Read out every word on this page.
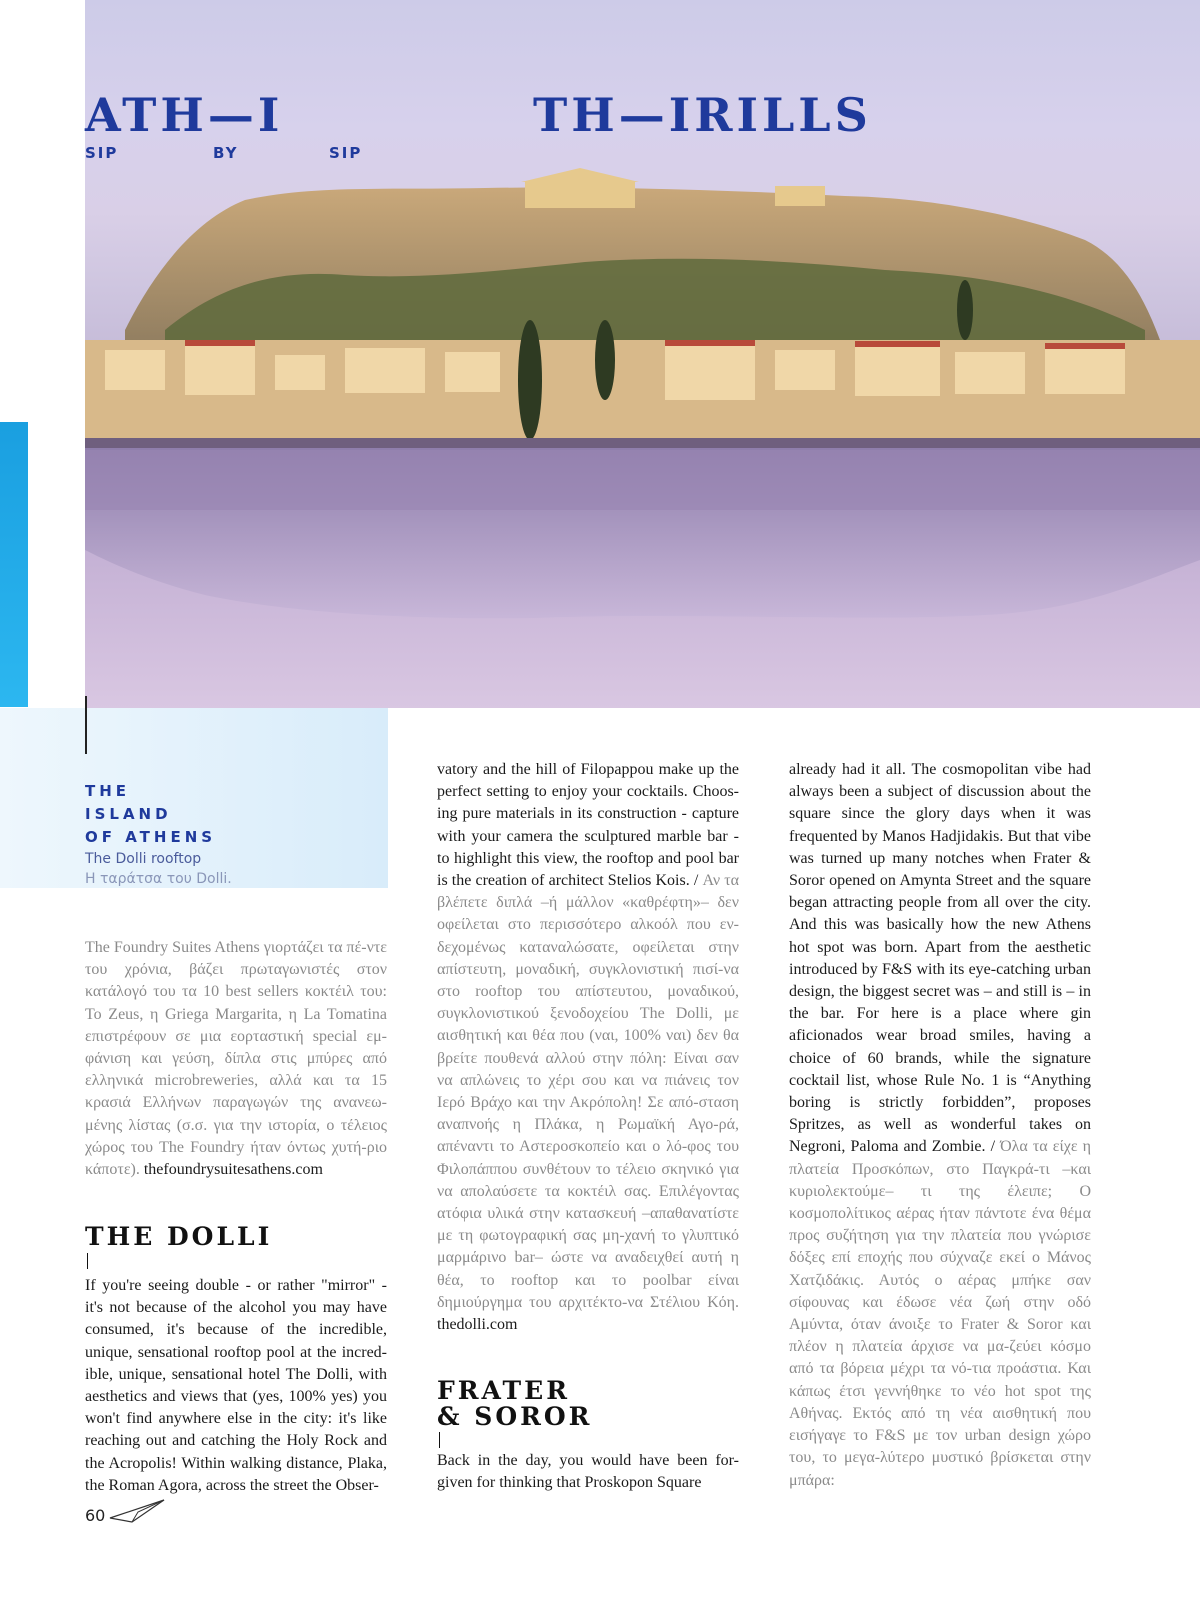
ATH—I	TH—IRILLS
SIP	BY	SIP
THE
ISLAND
OF ATHENS
The Dolli rooftop
Η ταράτσα του Dolli.
The Foundry Suites Athens γιορτάζει τα πέ-ντε του χρόνια, βάζει πρωταγωνιστές στον κατάλογό του τα 10 best sellers κοκτέιλ του: Το Zeus, η Griega Margarita, η La Tomatina επιστρέφουν σε μια εορταστική special εμ-φάνιση και γεύση, δίπλα στις μπύρες από ελληνικά microbreweries, αλλά και τα 15 κρασιά Ελλήνων παραγωγών της ανανεω-μένης λίστας (σ.σ. για την ιστορία, ο τέλειος χώρος του The Foundry ήταν όντως χυτή-ριο κάποτε). thefoundrysuitesathens.com
THE DOLLI
If you're seeing double - or rather "mirror" - it's not because of the alcohol you may have consumed, it's because of the incredible, unique, sensational rooftop pool at the incred-ible, unique, sensational hotel The Dolli, with aesthetics and views that (yes, 100% yes) you won't find anywhere else in the city: it's like reaching out and catching the Holy Rock and the Acropolis! Within walking distance, Plaka, the Roman Agora, across the street the Obser-
vatory and the hill of Filopappou make up the perfect setting to enjoy your cocktails. Choos-ing pure materials in its construction - capture with your camera the sculptured marble bar - to highlight this view, the rooftop and pool bar is the creation of architect Stelios Kois. / Αν τα βλέπετε διπλά –ή μάλλον «καθρέφτη»– δεν οφείλεται στο περισσότερο αλκοόλ που εν-δεχομένως καταναλώσατε, οφείλεται στην απίστευτη, μοναδική, συγκλονιστική πισί-να στο rooftop του απίστευτου, μοναδικού, συγκλονιστικού ξενοδοχείου The Dolli, με αισθητική και θέα που (ναι, 100% ναι) δεν θα βρείτε πουθενά αλλού στην πόλη: Είναι σαν να απλώνεις το χέρι σου και να πιάνεις τον Ιερό Βράχο και την Ακρόπολη! Σε από-σταση αναπνοής η Πλάκα, η Ρωμαϊκή Αγο-ρά, απέναντι το Αστεροσκοπείο και ο λό-φος του Φιλοπάππου συνθέτουν το τέλειο σκηνικό για να απολαύσετε τα κοκτέιλ σας. Επιλέγοντας ατόφια υλικά στην κατασκευή –απαθανατίστε με τη φωτογραφική σας μη-χανή το γλυπτικό μαρμάρινο bar– ώστε να αναδειχθεί αυτή η θέα, το rooftop και το poolbar είναι δημιούργημα του αρχιτέκτο-να Στέλιου Κόη. thedolli.com
FRATER
& SOROR
Back in the day, you would have been for-given for thinking that Proskopon Square
already had it all. The cosmopolitan vibe had always been a subject of discussion about the square since the glory days when it was frequented by Manos Hadjidakis. But that vibe was turned up many notches when Frater & Soror opened on Amynta Street and the square began attracting people from all over the city. And this was basically how the new Athens hot spot was born. Apart from the aesthetic introduced by F&S with its eye-catching urban design, the biggest secret was – and still is – in the bar. For here is a place where gin aficionados wear broad smiles, having a choice of 60 brands, while the signature cocktail list, whose Rule No. 1 is “Anything boring is strictly forbidden”, proposes Spritzes, as well as wonderful takes on Negroni, Paloma and Zombie. / Όλα τα είχε η πλατεία Προσκόπων, στο Παγκρά-τι –και κυριολεκτούμε– τι της έλειπε; Ο κοσμοπολίτικος αέρας ήταν πάντοτε ένα θέμα προς συζήτηση για την πλατεία που γνώρισε δόξες επί εποχής που σύχναζε εκεί ο Μάνος Χατζιδάκις. Αυτός ο αέρας μπήκε σαν σίφουνας και έδωσε νέα ζωή στην οδό Αμύντα, όταν άνοιξε το Frater & Soror και πλέον η πλατεία άρχισε να μα-ζεύει κόσμο από τα βόρεια μέχρι τα νό-τια προάστια. Και κάπως έτσι γεννήθηκε το νέο hot spot της Αθήνας. Εκτός από τη νέα αισθητική που εισήγαγε το F&S με τον urban design χώρο του, το μεγα-λύτερο μυστικό βρίσκεται στην μπάρα:
60
